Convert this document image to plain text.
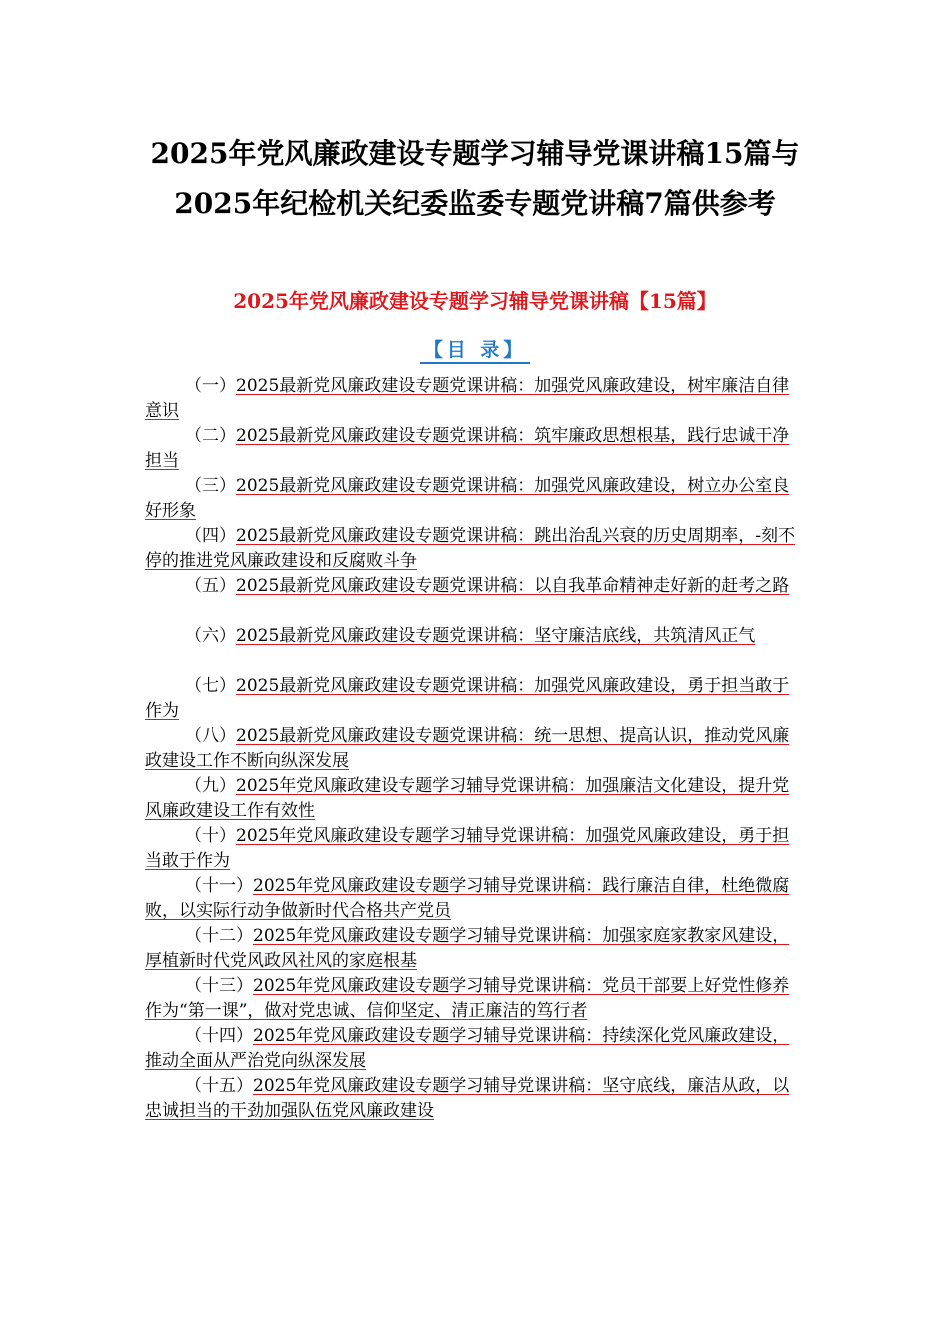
2025年党风廉政建设专题学习辅导党课讲稿15篇与
2025年纪检机关纪委监委专题党讲稿7篇供参考
2025年党风廉政建设专题学习辅导党课讲稿【15篇】
【目 录】
（一）2025最新党风廉政建设专题党课讲稿：加强党风廉政建设，树牢廉洁自律意识
（二）2025最新党风廉政建设专题党课讲稿：筑牢廉政思想根基，践行忠诚干净担当
（三）2025最新党风廉政建设专题党课讲稿：加强党风廉政建设，树立办公室良好形象
（四）2025最新党风廉政建设专题党课讲稿：跳出治乱兴衰的历史周期率，-刻不停的推进党风廉政建设和反腐败斗争
（五）2025最新党风廉政建设专题党课讲稿：以自我革命精神走好新的赶考之路
（六）2025最新党风廉政建设专题党课讲稿：坚守廉洁底线，共筑清风正气
（七）2025最新党风廉政建设专题党课讲稿：加强党风廉政建设，勇于担当敢于作为
（八）2025最新党风廉政建设专题党课讲稿：统一思想、提高认识，推动党风廉政建设工作不断向纵深发展
（九）2025年党风廉政建设专题学习辅导党课讲稿：加强廉洁文化建设，提升党风廉政建设工作有效性
（十）2025年党风廉政建设专题学习辅导党课讲稿：加强党风廉政建设，勇于担当敢于作为
（十一）2025年党风廉政建设专题学习辅导党课讲稿：践行廉洁自律，杜绝微腐败，以实际行动争做新时代合格共产党员
（十二）2025年党风廉政建设专题学习辅导党课讲稿：加强家庭家教家风建设，厚植新时代党风政风社风的家庭根基
（十三）2025年党风廉政建设专题学习辅导党课讲稿：党员干部要上好党性修养作为“第一课”，做对党忠诚、信仰坚定、清正廉洁的笃行者
（十四）2025年党风廉政建设专题学习辅导党课讲稿：持续深化党风廉政建设，推动全面从严治党向纵深发展
（十五）2025年党风廉政建设专题学习辅导党课讲稿：坚守底线，廉洁从政，以忠诚担当的干劲加强队伍党风廉政建设
